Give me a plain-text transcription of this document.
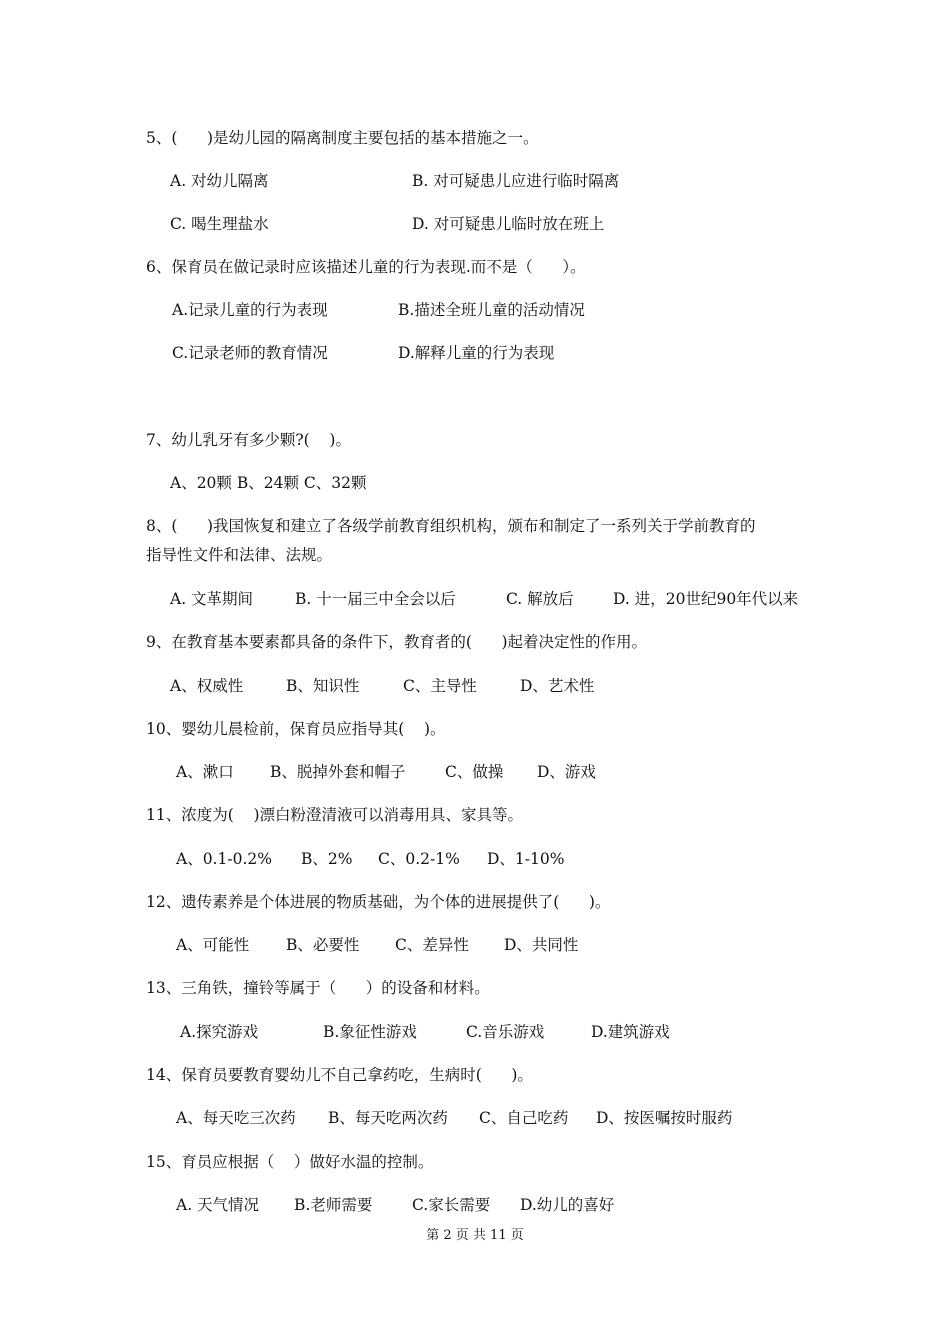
5、(      )是幼儿园的隔离制度主要包括的基本措施之一。
A. 对幼儿隔离	B. 对可疑患儿应进行临时隔离
C. 喝生理盐水	D. 对可疑患儿临时放在班上
6、保育员在做记录时应该描述儿童的行为表现.而不是（      ）。
A.记录儿童的行为表现	B.描述全班儿童的活动情况
C.记录老师的教育情况	D.解释儿童的行为表现
7、幼儿乳牙有多少颗?(    )。
A、20颗 B、24颗 C、32颗
8、(      )我国恢复和建立了各级学前教育组织机构，颁布和制定了一系列关于学前教育的
指导性文件和法律、法规。
A. 文革期间	B. 十一届三中全会以后	C. 解放后	D. 进，20世纪90年代以来
9、在教育基本要素都具备的条件下，教育者的(      )起着决定性的作用。
A、权威性	B、知识性	C、主导性	D、艺术性
10、婴幼儿晨检前，保育员应指导其(    )。
A、漱口 B、脱掉外套和帽子	C、做操 D、游戏
11、浓度为(    )漂白粉澄清液可以消毒用具、家具等。
A、0.1-0.2% B、2% C、0.2-1% D、1-10%
12、遗传素养是个体进展的物质基础，为个体的进展提供了(      )。
A、可能性 B、必要性 C、差异性 D、共同性
13、三角铁，撞铃等属于（      ）的设备和材料。
A.探究游戏	B.象征性游戏	C.音乐游戏	D.建筑游戏
14、保育员要教育婴幼儿不自己拿药吃，生病时(      )。
A、每天吃三次药 B、每天吃两次药 C、自己吃药 D、按医嘱按时服药
15、育员应根据（    ）做好水温的控制。
A. 天气情况 B.老师需要	C.家长需要 D.幼儿的喜好
第 2 页 共 11 页
